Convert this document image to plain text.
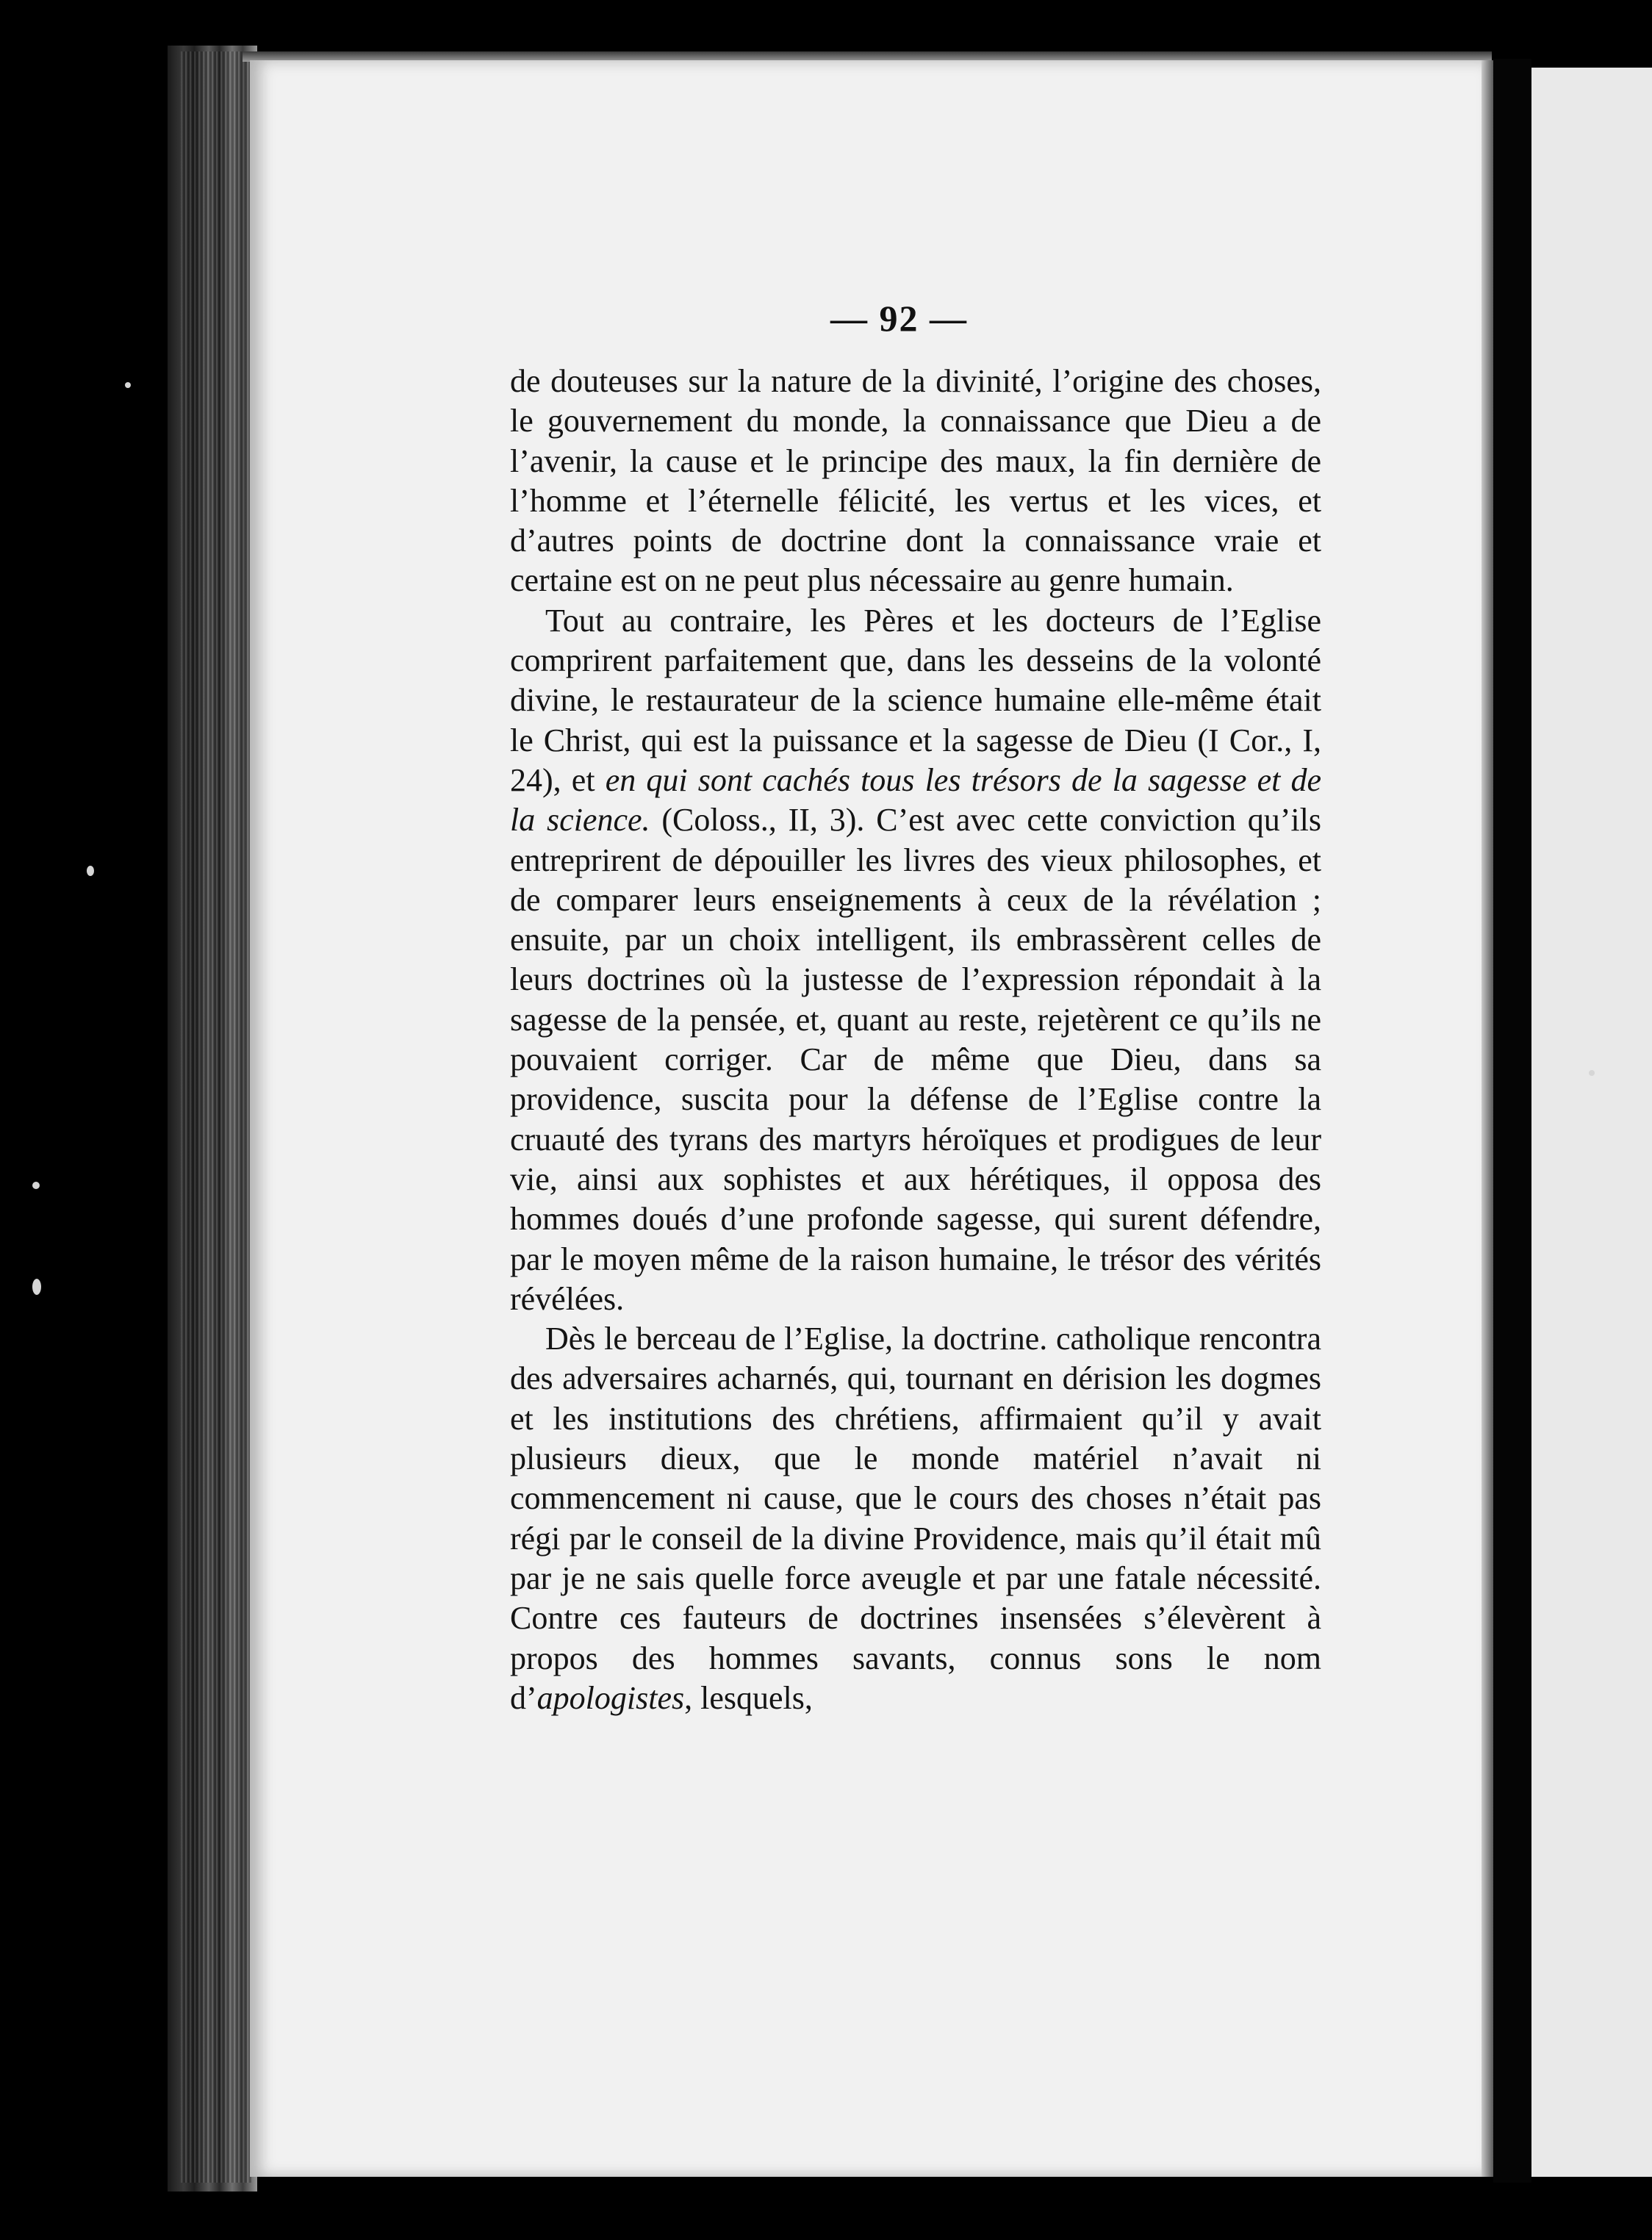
— 92 —

de douteuses sur la nature de la divinité, l’origine des choses, le gouvernement du monde, la connaissance que Dieu a de l’avenir, la cause et le principe des maux, la fin dernière de l’homme et l’éternelle félicité, les vertus et les vices, et d’autres points de doctrine dont la connaissance vraie et certaine est on ne peut plus nécessaire au genre humain.

Tout au contraire, les Pères et les docteurs de l’Eglise comprirent parfaitement que, dans les desseins de la volonté divine, le restaurateur de la science humaine elle-même était le Christ, qui est la puissance et la sagesse de Dieu (I Cor., I, 24), et en qui sont cachés tous les trésors de la sagesse et de la science. (Coloss., II, 3). C’est avec cette conviction qu’ils entreprirent de dépouiller les livres des vieux philosophes, et de comparer leurs enseignements à ceux de la révélation ; ensuite, par un choix intelligent, ils embrassèrent celles de leurs doctrines où la justesse de l’expression répondait à la sagesse de la pensée, et, quant au reste, rejetèrent ce qu’ils ne pouvaient corriger. Car de même que Dieu, dans sa providence, suscita pour la défense de l’Eglise contre la cruauté des tyrans des martyrs héroïques et prodigues de leur vie, ainsi aux sophistes et aux hérétiques, il opposa des hommes doués d’une profonde sagesse, qui surent défendre, par le moyen même de la raison humaine, le trésor des vérités révélées.

Dès le berceau de l’Eglise, la doctrine. catholique rencontra des adversaires acharnés, qui, tournant en dérision les dogmes et les institutions des chrétiens, affirmaient qu’il y avait plusieurs dieux, que le monde matériel n’avait ni commencement ni cause, que le cours des choses n’était pas régi par le conseil de la divine Providence, mais qu’il était mû par je ne sais quelle force aveugle et par une fatale nécessité. Contre ces fauteurs de doctrines insensées s’élevèrent à propos des hommes savants, connus sons le nom d’apologistes, lesquels,
